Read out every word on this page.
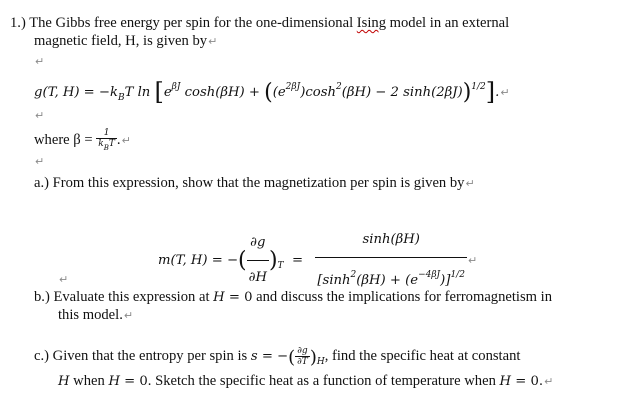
1.) The Gibbs free energy per spin for the one-dimensional Ising model in an external
magnetic field, H, is given by↵
↵
g(T, $H) = -k_BT$ $\ln [e^{\beta J}$ $\cosh(\beta H) + ((e^{2\beta J})\cosh^2(\beta H) - 2$ sinh(2βJ))$^{1/2}$].↵
↵
where $\beta = \frac{1}{k_BT}$ .↵
↵
a.) From this expression, show that the magnetization per spin is given by↵
m(T, H) = −( $\frac{\partial g}{\partial H} )_T = \frac{\sinh(\beta H)}{[\sinh^2(\beta H) + (e^{-4\beta J})]^{1/2}}$ ↵
↵
b.) Evaluate this expression at H = 0 and discuss the implications for ferromagnetism in
this model.↵
c.) Given that the entropy per spin is s = −( $\frac{\partial g}{\partial T} )_H$, find the specific heat at constant
H when H = 0. Sketch the specific heat as a function of temperature when H = 0.↵
